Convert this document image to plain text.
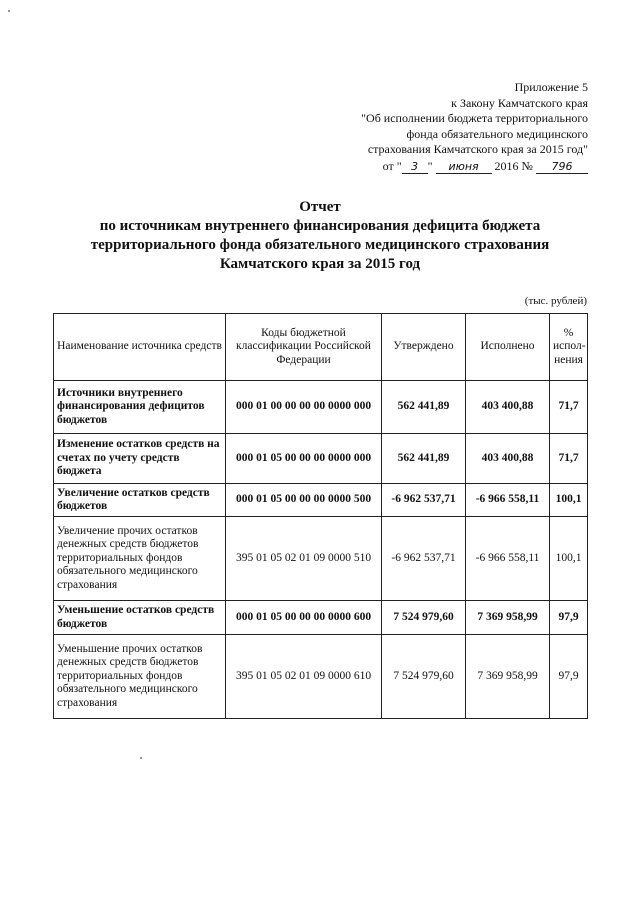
Приложение 5
к Закону Камчатского края
"Об исполнении бюджета территориального
фонда обязательного медицинского
страхования Камчатского края за 2015 год"
от " 3 " июня 2016 № 796
Отчет
по источникам внутреннего финансирования дефицита бюджета
территориального фонда обязательного медицинского страхования
Камчатского края за 2015 год
(тыс. рублей)
Наименование источника средств	Коды бюджетной классификации Российской Федерации	Утверждено	Исполнено	% испол-нения
Источники внутреннего финансирования дефицитов бюджетов	000 01 00 00 00 00 0000 000	562 441,89	403 400,88	71,7
Изменение остатков средств на счетах по учету средств бюджета	000 01 05 00 00 00 0000 000	562 441,89	403 400,88	71,7
Увеличение остатков средств бюджетов	000 01 05 00 00 00 0000 500	-6 962 537,71	-6 966 558,11	100,1
Увеличение прочих остатков денежных средств бюджетов территориальных фондов обязательного медицинского страхования	395 01 05 02 01 09 0000 510	-6 962 537,71	-6 966 558,11	100,1
Уменьшение остатков средств бюджетов	000 01 05 00 00 00 0000 600	7 524 979,60	7 369 958,99	97,9
Уменьшение прочих остатков денежных средств бюджетов территориальных фондов обязательного медицинского страхования	395 01 05 02 01 09 0000 610	7 524 979,60	7 369 958,99	97,9
